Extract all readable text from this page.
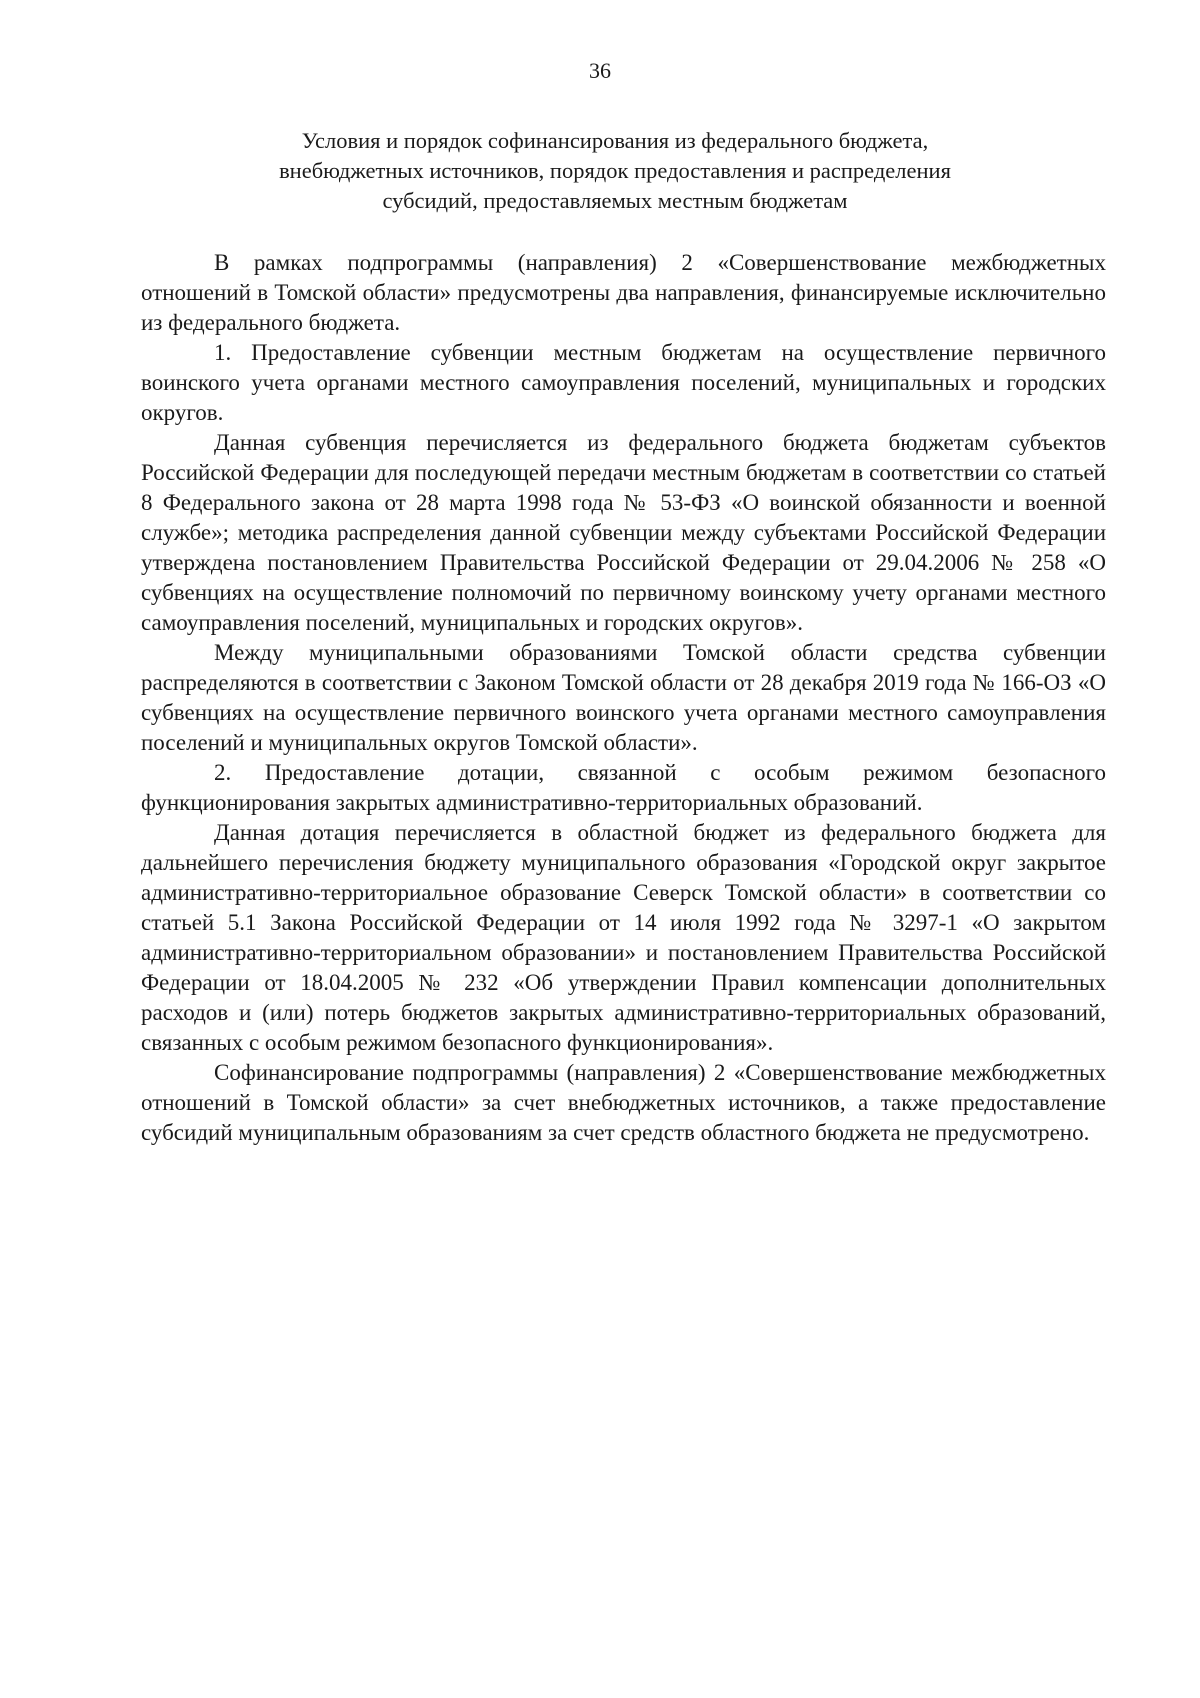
36
Условия и порядок софинансирования из федерального бюджета,
внебюджетных источников, порядок предоставления и распределения
субсидий, предоставляемых местным бюджетам

В рамках подпрограммы (направления) 2 «Совершенствование межбюджетных отношений в Томской области» предусмотрены два направления, финансируемые исключительно из федерального бюджета.

1. Предоставление субвенции местным бюджетам на осуществление первичного воинского учета органами местного самоуправления поселений, муниципальных и городских округов.

Данная субвенция перечисляется из федерального бюджета бюджетам субъектов Российской Федерации для последующей передачи местным бюджетам в соответствии со статьей 8 Федерального закона от 28 марта 1998 года № 53-ФЗ «О воинской обязанности и военной службе»; методика распределения данной субвенции между субъектами Российской Федерации утверждена постановлением Правительства Российской Федерации от 29.04.2006 № 258 «О субвенциях на осуществление полномочий по первичному воинскому учету органами местного самоуправления поселений, муниципальных и городских округов».

Между муниципальными образованиями Томской области средства субвенции распределяются в соответствии с Законом Томской области от 28 декабря 2019 года № 166-ОЗ «О субвенциях на осуществление первичного воинского учета органами местного самоуправления поселений и муниципальных округов Томской области».

2. Предоставление дотации, связанной с особым режимом безопасного функционирования закрытых административно-территориальных образований.

Данная дотация перечисляется в областной бюджет из федерального бюджета для дальнейшего перечисления бюджету муниципального образования «Городской округ закрытое административно-территориальное образование Северск Томской области» в соответствии со статьей 5.1 Закона Российской Федерации от 14 июля 1992 года № 3297-1 «О закрытом административно-территориальном образовании» и постановлением Правительства Российской Федерации от 18.04.2005 № 232 «Об утверждении Правил компенсации дополнительных расходов и (или) потерь бюджетов закрытых административно-территориальных образований, связанных с особым режимом безопасного функционирования».

Софинансирование подпрограммы (направления) 2 «Совершенствование межбюджетных отношений в Томской области» за счет внебюджетных источников, а также предоставление субсидий муниципальным образованиям за счет средств областного бюджета не предусмотрено.
